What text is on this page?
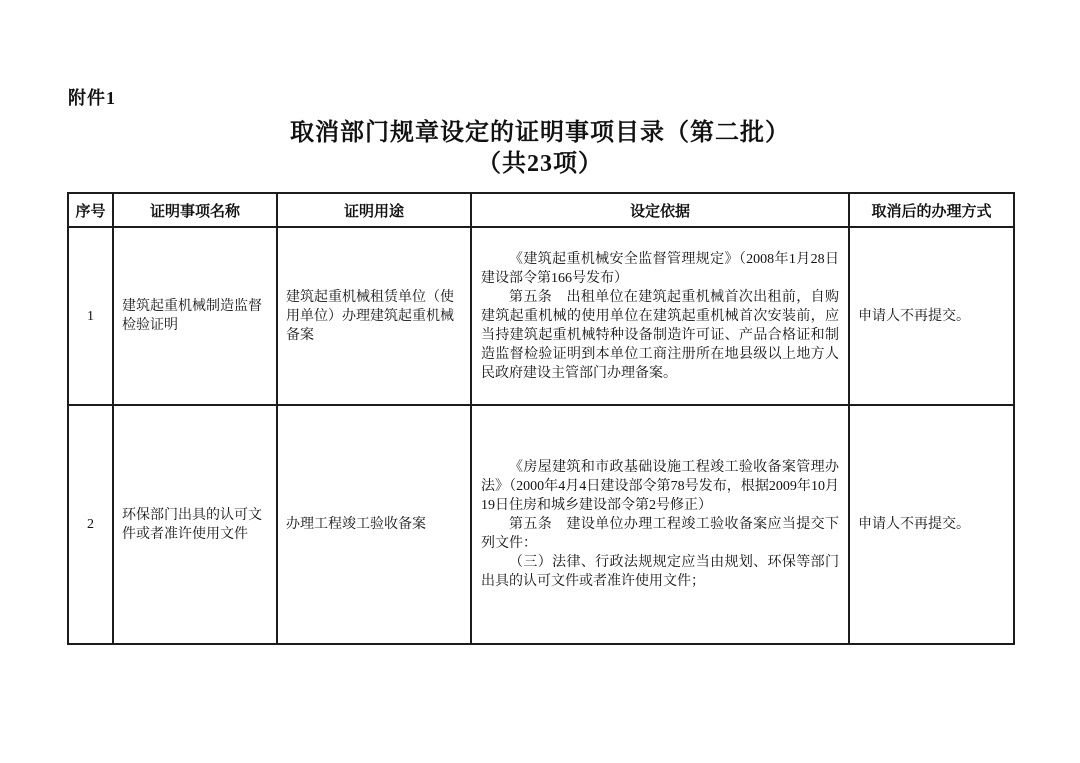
附件1
取消部门规章设定的证明事项目录（第二批）
（共23项）
序号	证明事项名称	证明用途	设定依据	取消后的办理方式
1	建筑起重机械制造监督检验证明	建筑起重机械租赁单位（使用单位）办理建筑起重机械备案	《建筑起重机械安全监督管理规定》（2008年1月28日建设部令第166号发布）

第五条　出租单位在建筑起重机械首次出租前，自购建筑起重机械的使用单位在建筑起重机械首次安装前，应当持建筑起重机械特种设备制造许可证、产品合格证和制造监督检验证明到本单位工商注册所在地县级以上地方人民政府建设主管部门办理备案。	申请人不再提交。
2	环保部门出具的认可文件或者准许使用文件	办理工程竣工验收备案	《房屋建筑和市政基础设施工程竣工验收备案管理办法》（2000年4月4日建设部令第78号发布，根据2009年10月19日住房和城乡建设部令第2号修正）

第五条　建设单位办理工程竣工验收备案应当提交下列文件：

（三）法律、行政法规规定应当由规划、环保等部门出具的认可文件或者准许使用文件；	申请人不再提交。
